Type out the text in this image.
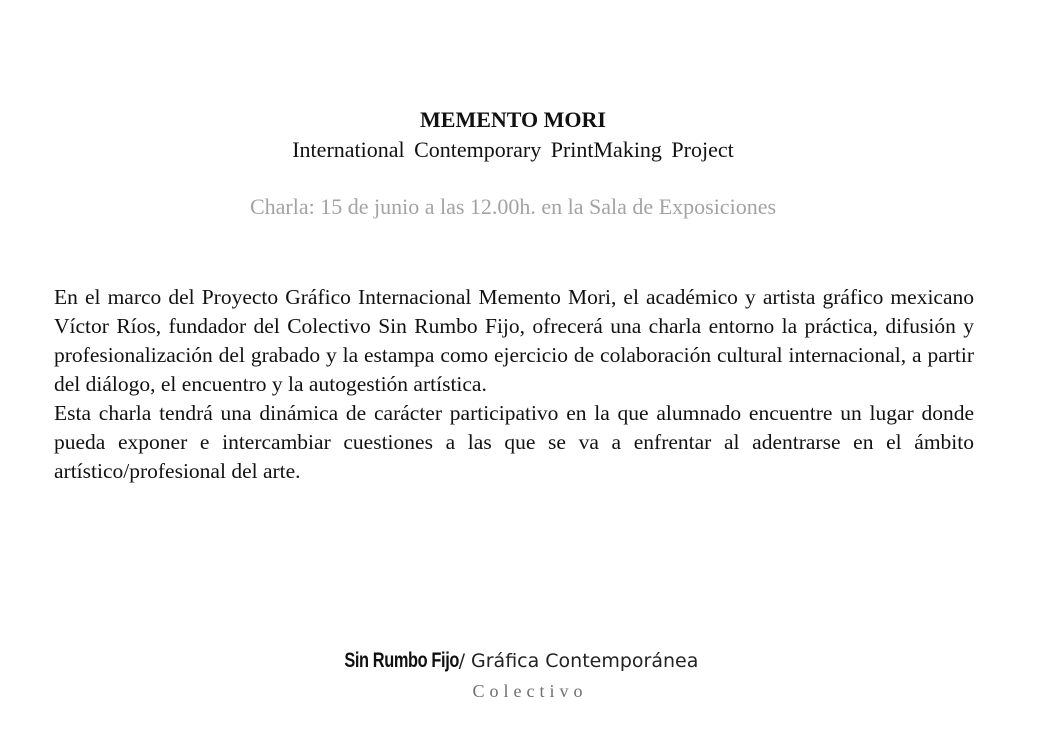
MEMENTO MORI
International Contemporary PrintMaking Project
Charla: 15 de junio a las 12.00h. en la Sala de Exposiciones

En el marco del Proyecto Gráfico Internacional Memento Mori, el académico y artista gráfico mexicano Víctor Ríos, fundador del Colectivo Sin Rumbo Fijo, ofrecerá una charla entorno la práctica, difusión y profesionalización del grabado y la estampa como ejercicio de colaboración cultural internacional, a partir del diálogo, el encuentro y la autogestión artística.

Esta charla tendrá una dinámica de carácter participativo en la que alumnado encuentre un lugar donde pueda exponer e intercambiar cuestiones a las que se va a enfrentar al adentrarse en el ámbito artístico/profesional del arte.

Sin Rumbo Fijo/ Gráfica Contemporánea
Colectivo
